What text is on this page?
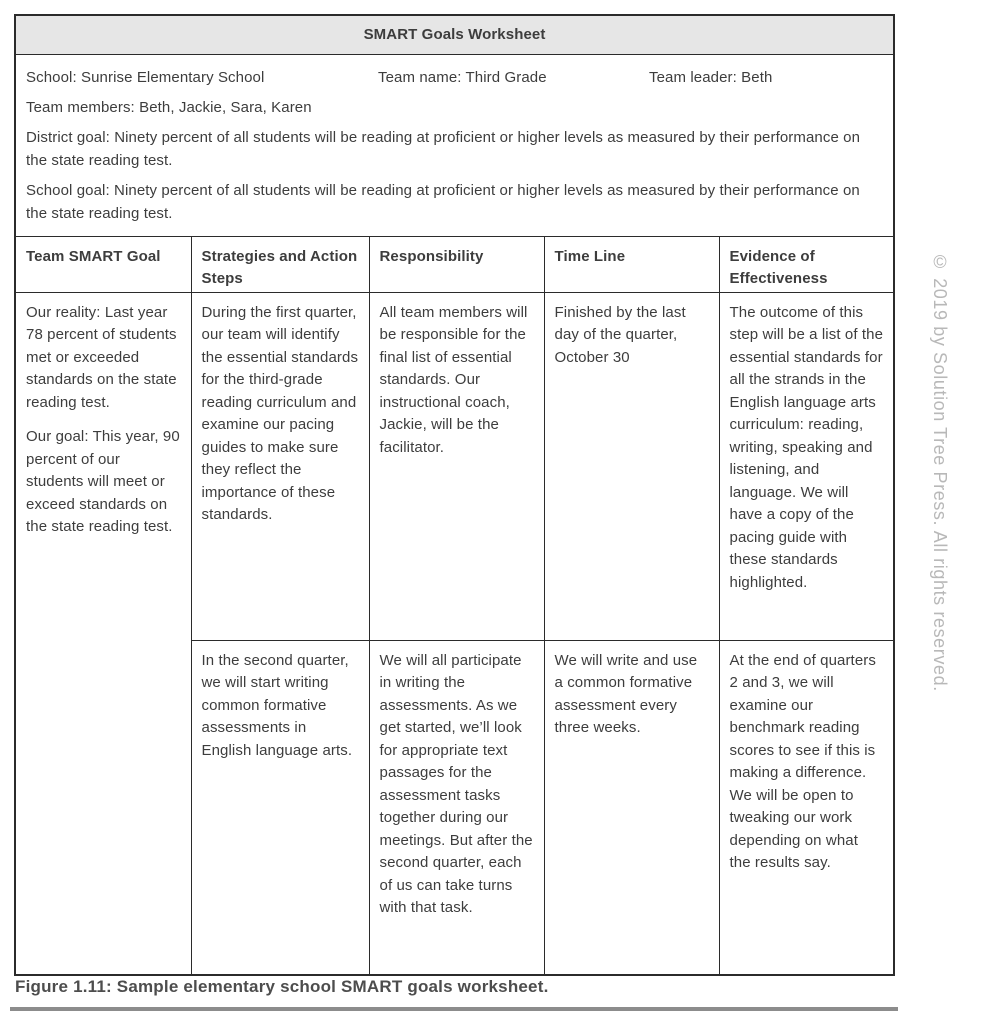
SMART Goals Worksheet				

School: Sunrise Elementary School	Team name: Third Grade	Team leader: Beth

Team members: Beth, Jackie, Sara, Karen

District goal: Ninety percent of all students will be reading at proficient or higher levels as measured by their performance on the state reading test.

School goal: Ninety percent of all students will be reading at proficient or higher levels as measured by their performance on the state reading test.

Team SMART Goal	Strategies and Action Steps	Responsibility	Time Line	Evidence of Effectiveness

Our reality: Last year 78 percent of students met or exceeded standards on the state reading test.

Our goal: This year, 90 percent of our students will meet or exceed standards on the state reading test.

	During the first quarter, our team will identify the essential standards for the third-grade reading curriculum and examine our pacing guides to make sure they reflect the importance of these standards.	All team members will be responsible for the final list of essential standards. Our instructional coach, Jackie, will be the facilitator.	Finished by the last day of the quarter, October 30	The outcome of this step will be a list of the essential standards for all the strands in the English language arts curriculum: reading, writing, speaking and listening, and language. We will have a copy of the pacing guide with these standards highlighted.
	In the second quarter, we will start writing common formative assessments in English language arts.	We will all participate in writing the assessments. As we get started, we’ll look for appropriate text passages for the assessment tasks together during our meetings. But after the second quarter, each of us can take turns with that task.	We will write and use a common formative assessment every three weeks.	At the end of quarters 2 and 3, we will examine our benchmark reading scores to see if this is making a difference. We will be open to tweaking our work depending on what the results say.
Figure 1.11: Sample elementary school SMART goals worksheet.
© 2019 by Solution Tree Press. All rights reserved.
